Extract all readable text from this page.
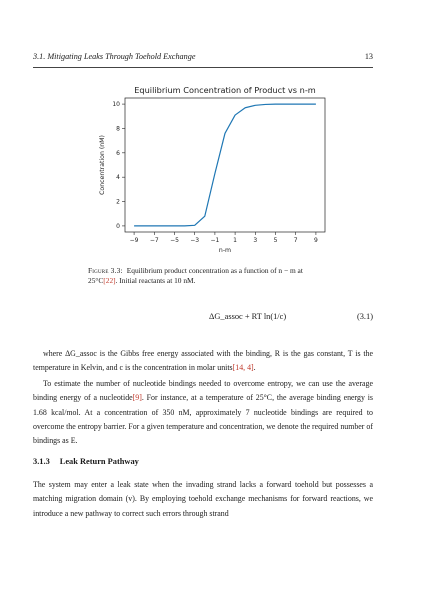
3.1. Mitigating Leaks Through Toehold Exchange	13
Equilibrium Concentration of Product vs n-m
−9 −7 −5 −3 −1 1	3	5	7	9
0
2
4
6
8
10
n-m
Concentration (nM)
Figure 3.3: Equilibrium product concentration as a function of n − m at 25°C[22]. Initial reactants at 10 nM.
ΔG_assoc + RT ln(1/c)	(3.1)

where ΔG_assoc is the Gibbs free energy associated with the binding, R is the gas constant, T is the temperature in Kelvin, and c is the concentration in molar units[14, 4].

To estimate the number of nucleotide bindings needed to overcome entropy, we can use the average binding energy of a nucleotide[9]. For instance, at a temperature of 25°C, the average binding energy is 1.68 kcal/mol. At a concentration of 350 nM, approximately 7 nucleotide bindings are required to overcome the entropy barrier. For a given temperature and concentration, we denote the required number of bindings as E.

3.1.3 Leak Return Pathway

The system may enter a leak state when the invading strand lacks a forward toehold but possesses a matching migration domain (v). By employing toehold exchange mechanisms for forward reactions, we introduce a new pathway to correct such errors through strand
